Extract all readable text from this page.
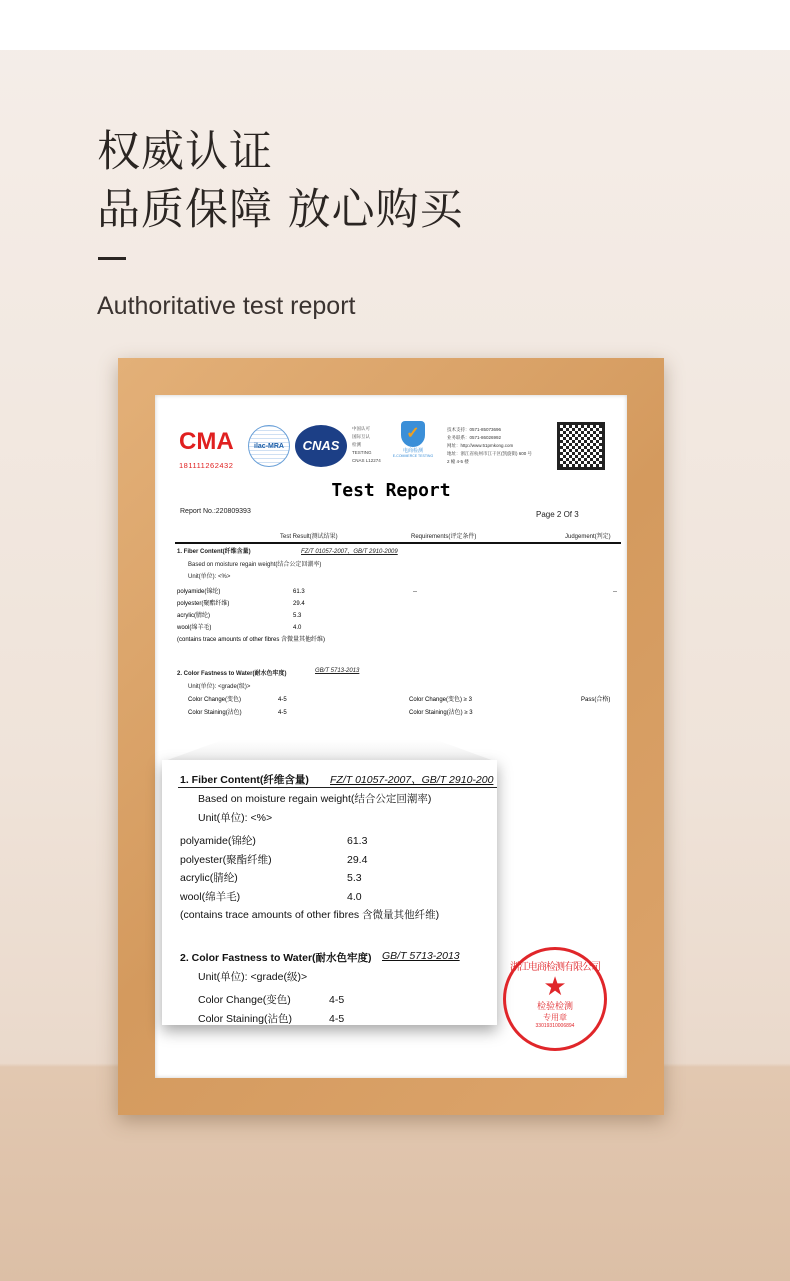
权威认证
品质保障 放心购买
Authoritative test report
CMA
181111262432
ilac-MRA	CNAS
中国认可
国际互认
检测
TESTING
CNAS L12274
✓
电商检测
E-COMMERCE TESTING
技术支持：0571-85073696
业务联系：0571-86026992
网址：http://www.51pmkong.com
地址：浙江省杭州市江干区(凯旋街) 600 号
2 幢 4-5 楼
Test Report
Report No.:220809393	Page 2 Of 3
Test Result(测试结果)	Requirements(评定条件)	Judgement(判定)
1. Fiber Content(纤维含量)	FZ/T 01057-2007、GB/T 2910-2009
Based on moisture regain weight(结合公定回潮率)
Unit(单位): <%>
polyamide(锦纶)	61.3	--	--
polyester(聚酯纤维)	29.4
acrylic(腈纶)	5.3
wool(绵羊毛)	4.0
(contains trace amounts of other fibres 含微量其他纤维)
2. Color Fastness to Water(耐水色牢度)	GB/T 5713-2013
Unit(单位): <grade(级)>
Color Change(变色)	4-5	Color Change(变色) ≥ 3	Pass(合格)
Color Staining(沾色)	4-5	Color Staining(沾色) ≥ 3
1. Fiber Content(纤维含量) FZ/T 01057-2007、GB/T 2910-200
Based on moisture regain weight(结合公定回潮率)
Unit(单位): <%>
polyamide(锦纶)	61.3
polyester(聚酯纤维)	29.4
acrylic(腈纶)	5.3
wool(绵羊毛)	4.0
(contains trace amounts of other fibres 含微量其他纤维)
2. Color Fastness to Water(耐水色牢度) GB/T 5713-2013
Unit(单位): <grade(级)>
Color Change(变色)	4-5
Color Staining(沾色)	4-5
浙江电商检测有限公司
★
检验检测
专用章
33019310006894
